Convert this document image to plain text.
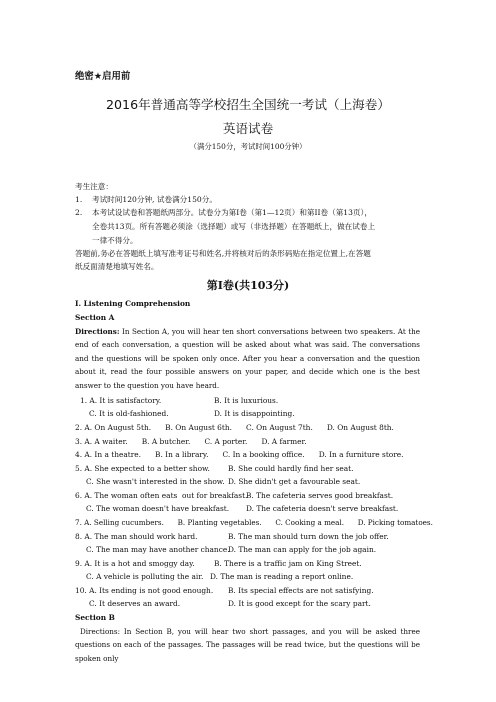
绝密★启用前
2016年普通高等学校招生全国统一考试（上海卷）
英语试卷
（满分150分，考试时间100分钟）
考生注意：
1. 考试时间120分钟, 试卷满分150分。
2. 本考试设试卷和答题纸两部分。试卷分为第I卷（第1—12页）和第II卷（第13页），
全卷共13页。所有答题必须涂（选择题）或写（非选择题）在答题纸上，做在试卷上
一律不得分。
答题前,务必在答题纸上填写准考证号和姓名,并将核对后的条形码贴在指定位置上,在答题
纸反面清楚地填写姓名。
第I卷(共103分)
I. Listening Comprehension
Section A
Directions: In Section A, you will hear ten short conversations between two speakers. At the end of each conversation, a question will be asked about what was said. The conversations and the questions will be spoken only once. After you hear a conversation and the question about it, read the four possible answers on your paper, and decide which one is the best answer to the question you have heard.
1. A. It is satisfactory.	B. It is luxurious.
C. It is old-fashioned.	D. It is disappointing.
2. A. On August 5th.      B. On August 6th.      C. On August 7th.      D. On August 8th.
3. A. A waiter.      B. A butcher.      C. A porter.      D. A farmer.
4. A. In a theatre.      B. In a library.      C. In a booking office.      D. In a furniture store.
5. A. She expected to a better show. B. She could hardly find her seat.
C. She wasn't interested in the show. D. She didn't get a favourable seat.
6. A. The woman often eats  out for breakfast.
B. The cafeteria serves good breakfast.
C. The woman doesn't have breakfast. D. The cafeteria doesn't serve breakfast.
7. A. Selling cucumbers.      B. Planting vegetables.      C. Cooking a meal.      D. Picking tomatoes.
8. A. The man should work hard.	B. The man should turn down the job offer.
C. The man may have another chance.
D. The man can apply for the job again.
9. A. It is a hot and smoggy day.	B. There is a traffic jam on King Street.
C. A vehicle is polluting the air. D. The man is reading a report online.
10. A. Its ending is not good enough. B. Its special effects are not satisfying.
C. It deserves an award.	D. It is good except for the scary part.
Section B
Directions: In Section B, you will hear two short passages, and you will be asked three questions on each of the passages. The passages will be read twice, but the questions will be spoken only
